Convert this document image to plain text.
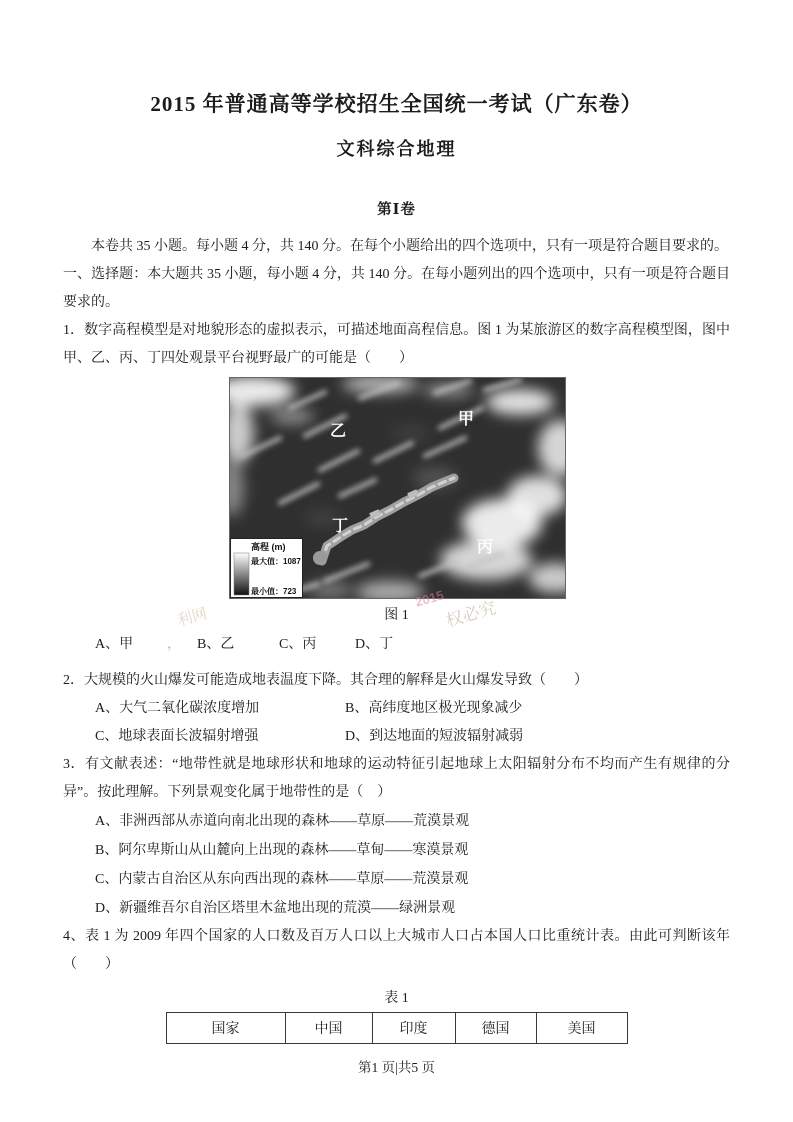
2015 年普通高等学校招生全国统一考试（广东卷）
文科综合地理
第Ⅰ卷

本卷共 35 小题。每小题 4 分，共 140 分。在每个小题给出的四个选项中，只有一项是符合题目要求的。

一、选择题：本大题共 35 小题，每小题 4 分，共 140 分。在每小题列出的四个选项中，只有一项是符合题目要求的。

1．数字高程模型是对地貌形态的虚拟表示，可描述地面高程信息。图 1 为某旅游区的数字高程模型图，图中甲、乙、丙、丁四处观景平台视野最广的可能是（　　）

甲
乙
丁
丙
高程 (m)
最大值：1087
最小值：723
利网
2015
权必究
图 1
A、甲	，	B、乙	C、丙	D、丁

2．大规模的火山爆发可能造成地表温度下降。其合理的解释是火山爆发导致（　　）

A、大气二氧化碳浓度增加	B、高纬度地区极光现象减少
C、地球表面长波辐射增强	D、到达地面的短波辐射减弱

3．有文献表述：“地带性就是地球形状和地球的运动特征引起地球上太阳辐射分布不均而产生有规律的分异”。按此理解。下列景观变化属于地带性的是（　）

A、非洲西部从赤道向南北出现的森林——草原——荒漠景观
B、阿尔卑斯山从山麓向上出现的森林——草甸——寒漠景观
C、内蒙古自治区从东向西出现的森林——草原——荒漠景观
D、新疆维吾尔自治区塔里木盆地出现的荒漠——绿洲景观

4、表 1 为 2009 年四个国家的人口数及百万人口以上大城市人口占本国人口比重统计表。由此可判断该年（　　）

表 1
国家	中国	印度	德国	美国
第1 页|共5 页
